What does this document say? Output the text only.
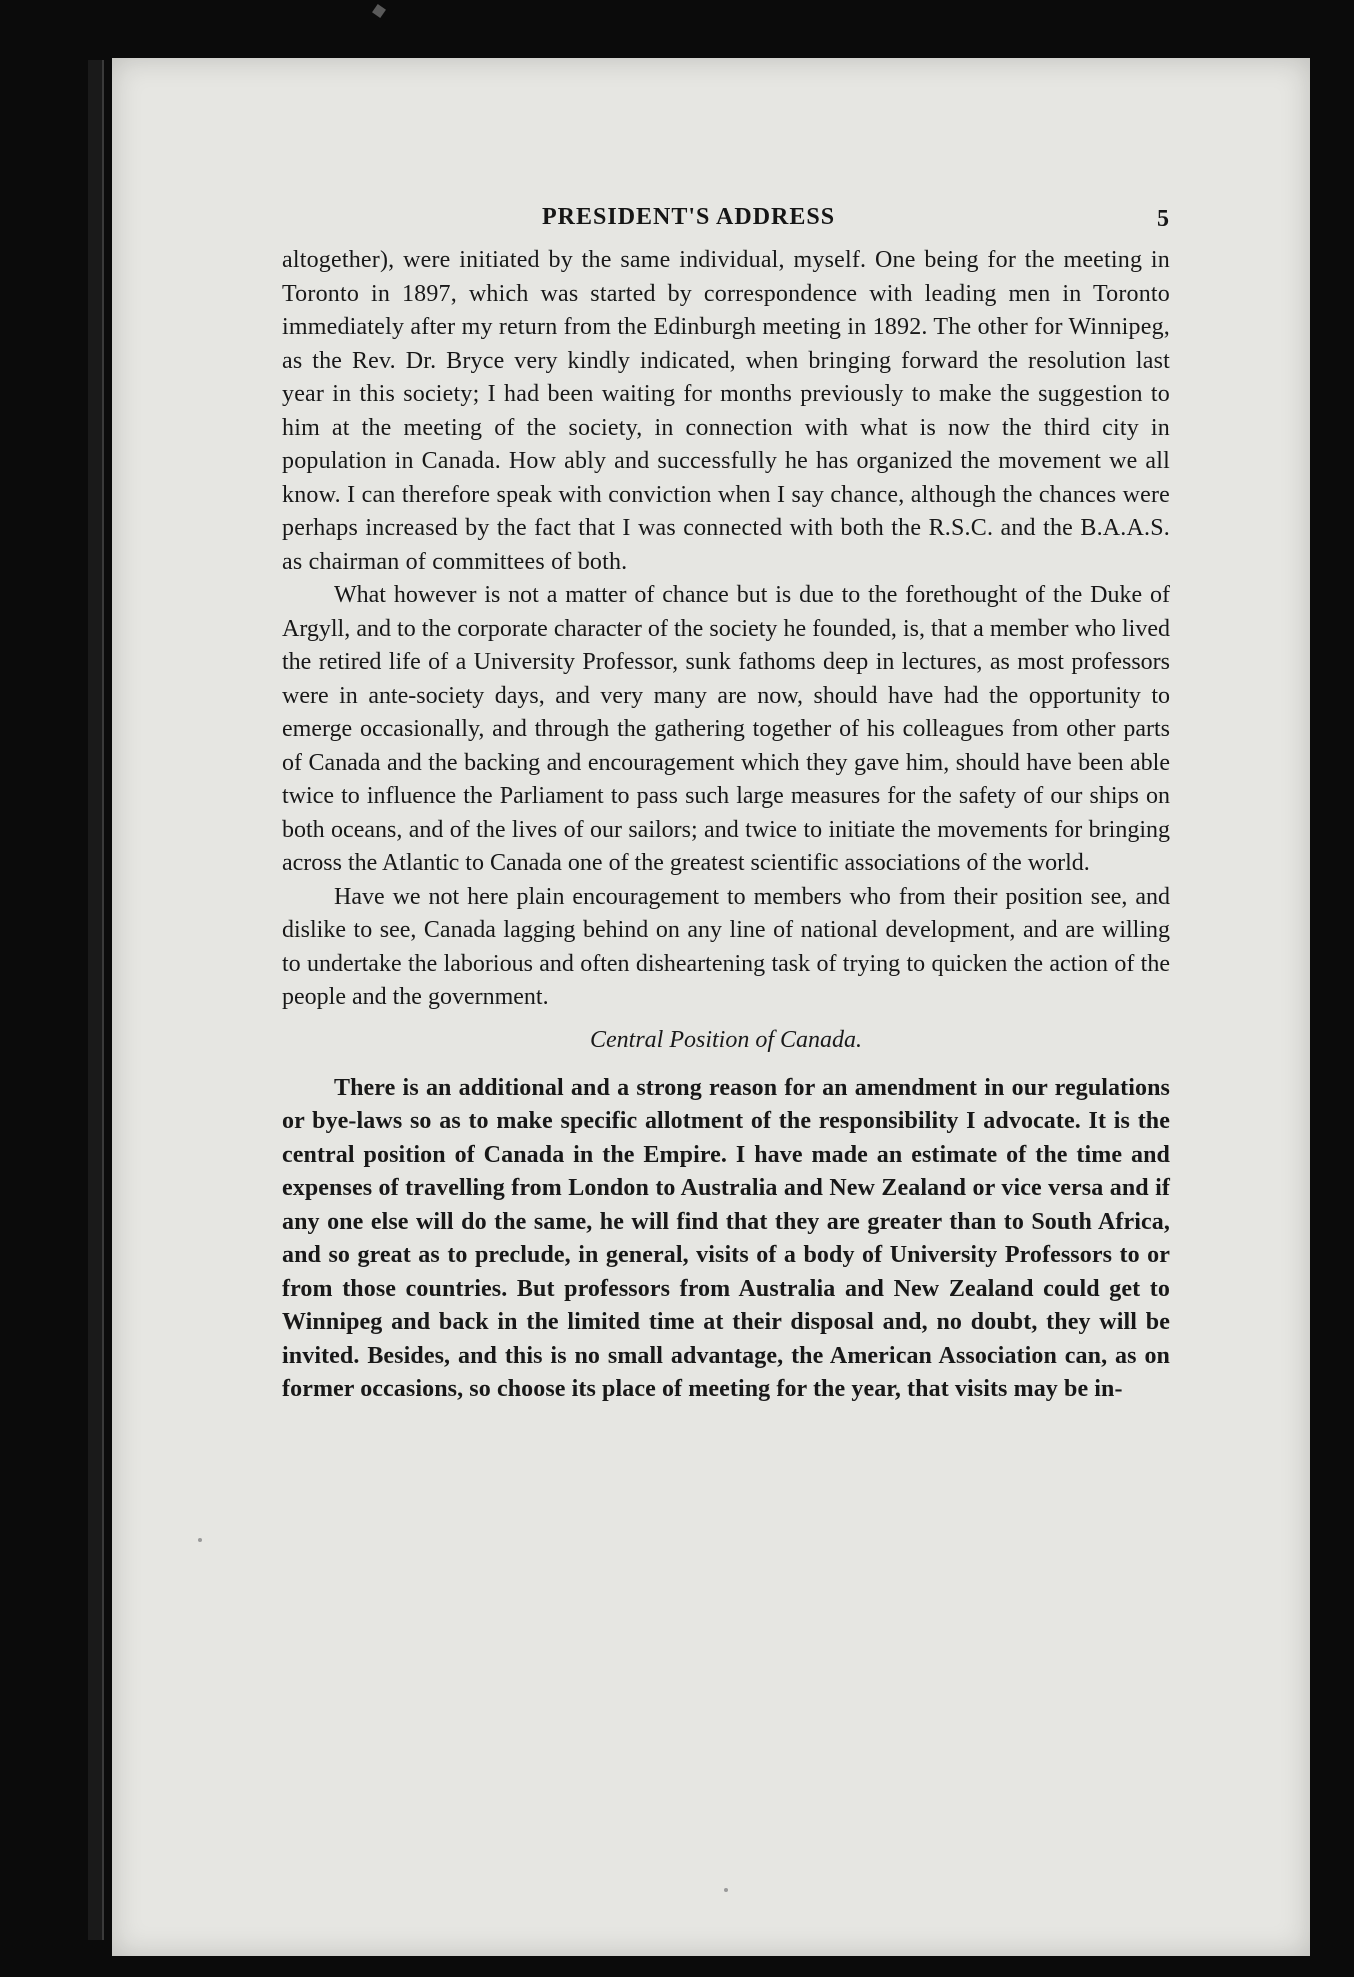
PRESIDENT'S ADDRESS	5

altogether), were initiated by the same individual, myself. One being for the meeting in Toronto in 1897, which was started by correspondence with leading men in Toronto immediately after my return from the Edinburgh meeting in 1892. The other for Winnipeg, as the Rev. Dr. Bryce very kindly indicated, when bringing forward the resolution last year in this society; I had been waiting for months previously to make the suggestion to him at the meeting of the society, in connection with what is now the third city in population in Canada. How ably and successfully he has organized the movement we all know. I can therefore speak with conviction when I say chance, although the chances were perhaps increased by the fact that I was connected with both the R.S.C. and the B.A.A.S. as chairman of committees of both.

What however is not a matter of chance but is due to the forethought of the Duke of Argyll, and to the corporate character of the society he founded, is, that a member who lived the retired life of a University Professor, sunk fathoms deep in lectures, as most professors were in ante-society days, and very many are now, should have had the opportunity to emerge occasionally, and through the gathering together of his colleagues from other parts of Canada and the backing and encouragement which they gave him, should have been able twice to influence the Parliament to pass such large measures for the safety of our ships on both oceans, and of the lives of our sailors; and twice to initiate the movements for bringing across the Atlantic to Canada one of the greatest scientific associations of the world.

Have we not here plain encouragement to members who from their position see, and dislike to see, Canada lagging behind on any line of national development, and are willing to undertake the laborious and often disheartening task of trying to quicken the action of the people and the government.

Central Position of Canada.

There is an additional and a strong reason for an amendment in our regulations or bye-laws so as to make specific allotment of the responsibility I advocate. It is the central position of Canada in the Empire. I have made an estimate of the time and expenses of travelling from London to Australia and New Zealand or vice versa and if any one else will do the same, he will find that they are greater than to South Africa, and so great as to preclude, in general, visits of a body of University Professors to or from those countries. But professors from Australia and New Zealand could get to Winnipeg and back in the limited time at their disposal and, no doubt, they will be invited. Besides, and this is no small advantage, the American Association can, as on former occasions, so choose its place of meeting for the year, that visits may be in-
